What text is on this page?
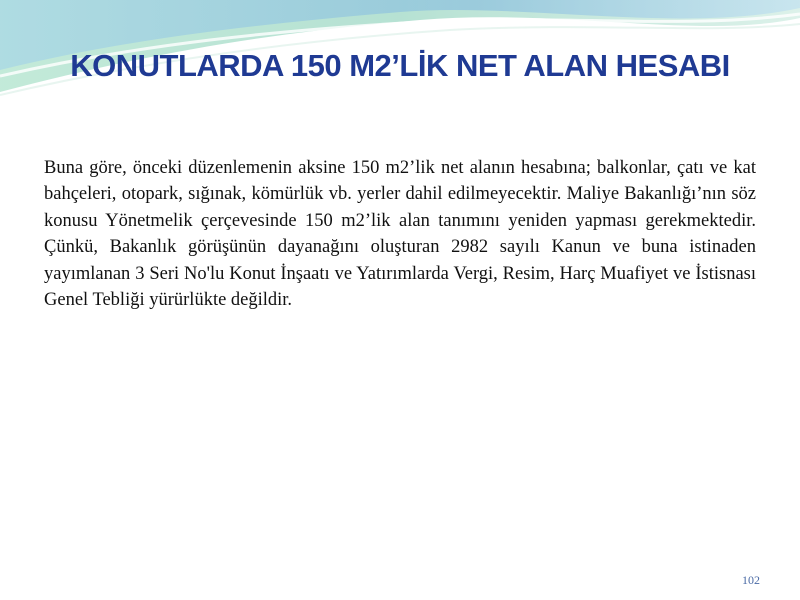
KONUTLARDA 150 M2’LİK NET ALAN HESABI

Buna göre, önceki düzenlemenin aksine 150 m2’lik net alanın hesabına; balkonlar, çatı ve kat bahçeleri, otopark, sığınak, kömürlük vb. yerler dahil edilmeyecektir. Maliye Bakanlığı’nın söz konusu Yönetmelik çerçevesinde 150 m2’lik alan tanımını yeniden yapması gerekmektedir. Çünkü, Bakanlık görüşünün dayanağını oluşturan 2982 sayılı Kanun ve buna istinaden yayımlanan 3 Seri No'lu Konut İnşaatı ve Yatırımlarda Vergi, Resim, Harç Muafiyet ve İstisnası Genel Tebliği yürürlükte değildir.

102
